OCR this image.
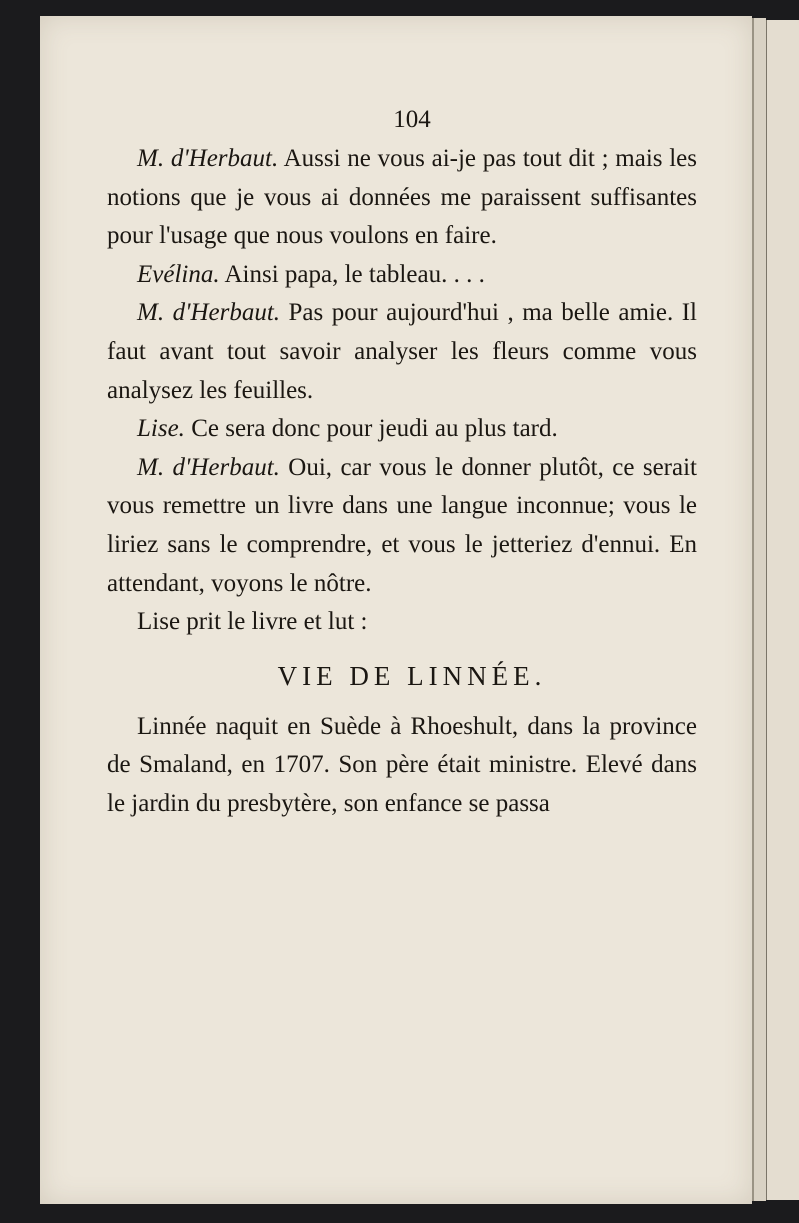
104

M. d'Herbaut. Aussi ne vous ai-je pas tout dit ; mais les notions que je vous ai données me paraissent suffisantes pour l'usage que nous voulons en faire.

Evélina. Ainsi papa, le tableau. . . .

M. d'Herbaut. Pas pour aujourd'hui , ma belle amie. Il faut avant tout savoir analyser les fleurs comme vous analysez les feuilles.

Lise. Ce sera donc pour jeudi au plus tard.

M. d'Herbaut. Oui, car vous le donner plutôt, ce serait vous remettre un livre dans une langue inconnue; vous le liriez sans le comprendre, et vous le jetteriez d'ennui. En attendant, voyons le nôtre.

Lise prit le livre et lut :

VIE DE LINNÉE.

Linnée naquit en Suède à Rhoeshult, dans la province de Smaland, en 1707. Son père était ministre. Elevé dans le jardin du presbytère, son enfance se passa
